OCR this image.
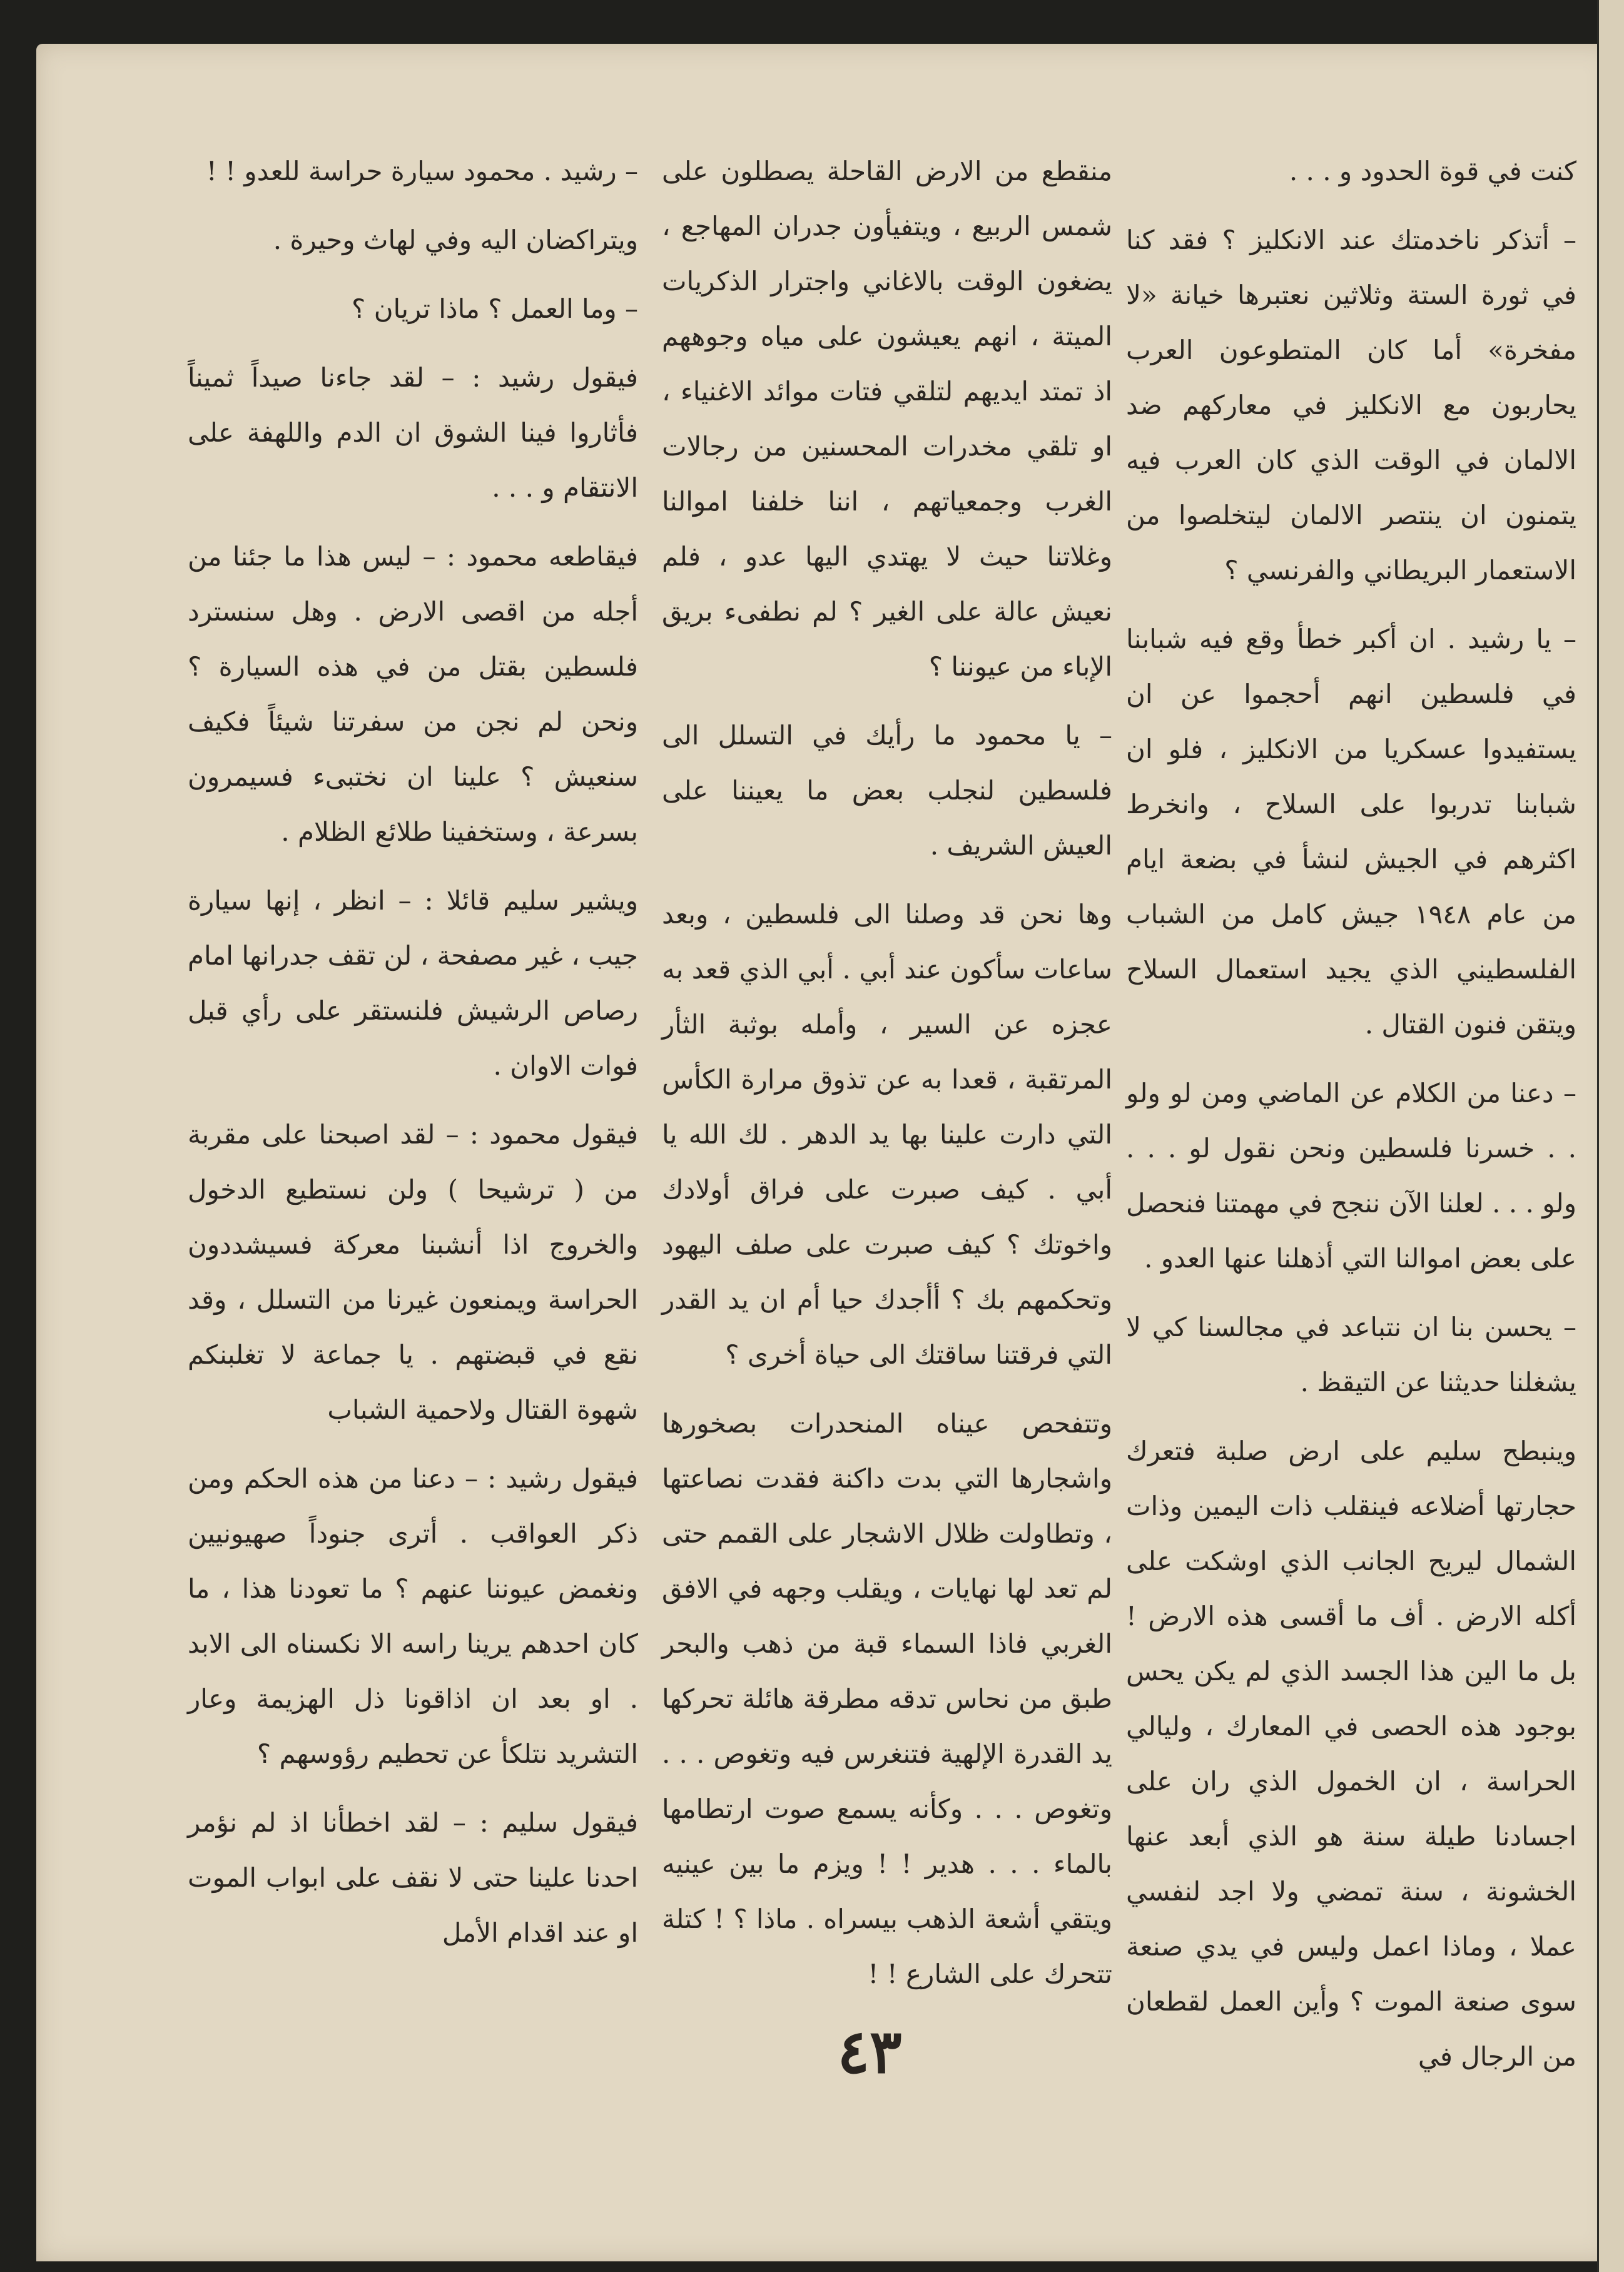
كنت في قوة الحدود و . . .

– أتذكر ناخدمتك عند الانكليز ؟ فقد كنا في ثورة الستة وثلاثين نعتبرها خيانة «لا مفخرة» أما كان المتطوعون العرب يحاربون مع الانكليز في معاركهم ضد الالمان في الوقت الذي كان العرب فيه يتمنون ان ينتصر الالمان ليتخلصوا من الاستعمار البريطاني والفرنسي ؟

– يا رشيد . ان أكبر خطأ وقع فيه شبابنا في فلسطين انهم أحجموا عن ان يستفيدوا عسكريا من الانكليز ، فلو ان شبابنا تدربوا على السلاح ، وانخرط اكثرهم في الجيش لنشأ في بضعة ايام من عام ١٩٤٨ جيش كامل من الشباب الفلسطيني الذي يجيد استعمال السلاح ويتقن فنون القتال .

– دعنا من الكلام عن الماضي ومن لو ولو . . خسرنا فلسطين ونحن نقول لو . . . ولو . . . لعلنا الآن ننجح في مهمتنا فنحصل على بعض اموالنا التي أذهلنا عنها العدو .

– يحسن بنا ان نتباعد في مجالسنا كي لا يشغلنا حديثنا عن التيقظ .

وينبطح سليم على ارض صلبة فتعرك حجارتها أضلاعه فينقلب ذات اليمين وذات الشمال ليريح الجانب الذي اوشكت على أكله الارض . أف ما أقسى هذه الارض ! بل ما الين هذا الجسد الذي لم يكن يحس بوجود هذه الحصى في المعارك ، وليالي الحراسة ، ان الخمول الذي ران على اجسادنا طيلة سنة هو الذي أبعد عنها الخشونة ، سنة تمضي ولا اجد لنفسي عملا ، وماذا اعمل وليس في يدي صنعة سوى صنعة الموت ؟ وأين العمل لقطعان من الرجال في

منقطع من الارض القاحلة يصطلون على شمس الربيع ، ويتفيأون جدران المهاجع ، يضغون الوقت بالاغاني واجترار الذكريات الميتة ، انهم يعيشون على مياه وجوههم اذ تمتد ايديهم لتلقي فتات موائد الاغنياء ، او تلقي مخدرات المحسنين من رجالات الغرب وجمعياتهم ، اننا خلفنا اموالنا وغلاتنا حيث لا يهتدي اليها عدو ، فلم نعيش عالة على الغير ؟ لم نطفىء بريق الإباء من عيوننا ؟

– يا محمود ما رأيك في التسلل الى فلسطين لنجلب بعض ما يعيننا على العيش الشريف .

وها نحن قد وصلنا الى فلسطين ، وبعد ساعات سأكون عند أبي . أبي الذي قعد به عجزه عن السير ، وأمله بوثبة الثأر المرتقبة ، قعدا به عن تذوق مرارة الكأس التي دارت علينا بها يد الدهر . لك الله يا أبي . كيف صبرت على فراق أولادك واخوتك ؟ كيف صبرت على صلف اليهود وتحكمهم بك ؟ أأجدك حيا أم ان يد القدر التي فرقتنا ساقتك الى حياة أخرى ؟

وتتفحص عيناه المنحدرات بصخورها واشجارها التي بدت داكنة فقدت نصاعتها ، وتطاولت ظلال الاشجار على القمم حتى لم تعد لها نهايات ، ويقلب وجهه في الافق الغربي فاذا السماء قبة من ذهب والبحر طبق من نحاس تدقه مطرقة هائلة تحركها يد القدرة الإلهية فتنغرس فيه وتغوص . . . وتغوص . . . وكأنه يسمع صوت ارتطامها بالماء . . . هدير ! ! ويزم ما بين عينيه ويتقي أشعة الذهب بيسراه . ماذا ؟ ! كتلة تتحرك على الشارع ! !

– رشيد . محمود سيارة حراسة للعدو ! !

ويتراكضان اليه وفي لهاث وحيرة .

– وما العمل ؟ ماذا تريان ؟

فيقول رشيد : – لقد جاءنا صيداً ثميناً فأثاروا فينا الشوق ان الدم واللهفة على الانتقام و . . .

فيقاطعه محمود : – ليس هذا ما جئنا من أجله من اقصى الارض . وهل سنسترد فلسطين بقتل من في هذه السيارة ؟ ونحن لم نجن من سفرتنا شيئاً فكيف سنعيش ؟ علينا ان نختبىء فسيمرون بسرعة ، وستخفينا طلائع الظلام .

ويشير سليم قائلا : – انظر ، إنها سيارة جيب ، غير مصفحة ، لن تقف جدرانها امام رصاص الرشيش فلنستقر على رأي قبل فوات الاوان .

فيقول محمود : – لقد اصبحنا على مقربة من ( ترشيحا ) ولن نستطيع الدخول والخروج اذا أنشبنا معركة فسيشددون الحراسة ويمنعون غيرنا من التسلل ، وقد نقع في قبضتهم . يا جماعة لا تغلبنكم شهوة القتال ولاحمية الشباب

فيقول رشيد : – دعنا من هذه الحكم ومن ذكر العواقب . أترى جنوداً صهيونيين ونغمض عيوننا عنهم ؟ ما تعودنا هذا ، ما كان احدهم يرينا راسه الا نكسناه الى الابد . او بعد ان اذاقونا ذل الهزيمة وعار التشريد نتلكأ عن تحطيم رؤوسهم ؟

فيقول سليم : – لقد اخطأنا اذ لم نؤمر احدنا علينا حتى لا نقف على ابواب الموت او عند اقدام الأمل

٤٣
